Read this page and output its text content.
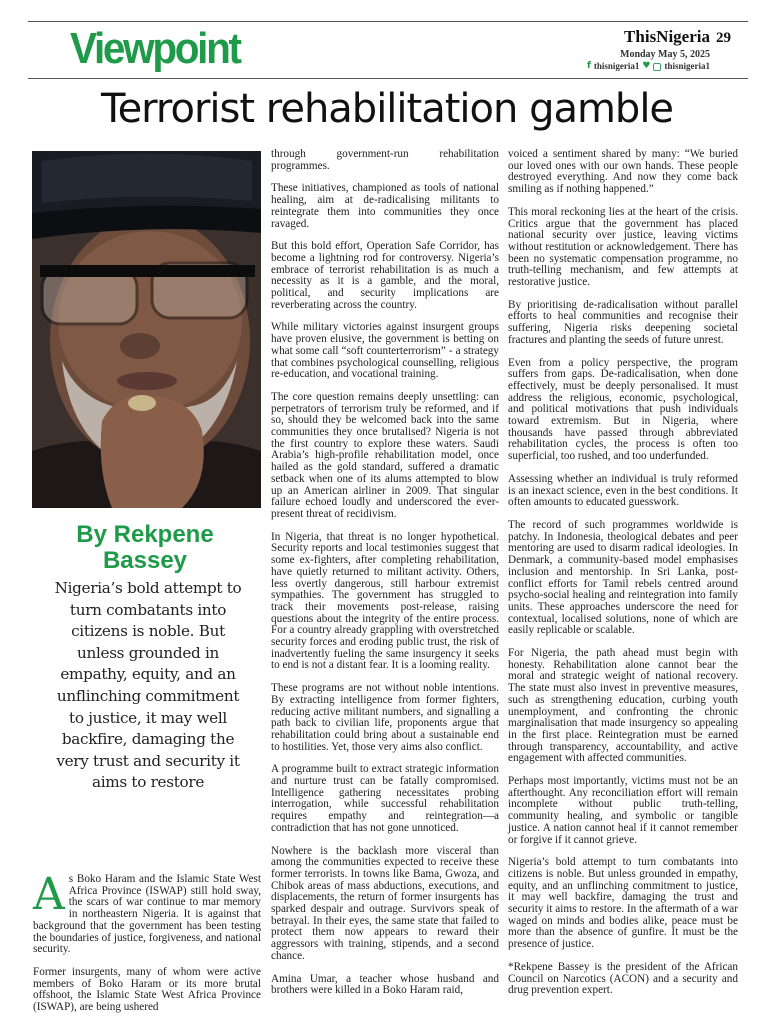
Viewpoint	ThisNigeria
Monday May 5, 2025
f thisnigeria1 ♥ thisnigeria1
29
Terrorist rehabilitation gamble
By Rekpene
Bassey
Nigeria’s bold attempt to turn combatants into citizens is noble. But unless grounded in empathy, equity, and an unflinching commitment to justice, it may well backfire, damaging the very trust and security it aims to restore

As Boko Haram and the Islamic State West Africa Province (ISWAP) still hold sway, the scars of war continue to mar memory in northeastern Nigeria. It is against that background that the government has been testing the boundaries of justice, forgiveness, and national security.

Former insurgents, many of whom were active members of Boko Haram or its more brutal offshoot, the Islamic State West Africa Province (ISWAP), are being ushered

through government-run rehabilitation programmes.

These initiatives, championed as tools of national healing, aim at de-radicalising militants to reintegrate them into communities they once ravaged.

But this bold effort, Operation Safe Corridor, has become a lightning rod for controversy. Nigeria’s embrace of terrorist rehabilitation is as much a necessity as it is a gamble, and the moral, political, and security implications are reverberating across the country.

While military victories against insurgent groups have proven elusive, the government is betting on what some call “soft counterterrorism” - a strategy that combines psychological counselling, religious re-education, and vocational training.

The core question remains deeply unsettling: can perpetrators of terrorism truly be reformed, and if so, should they be welcomed back into the same communities they once brutalised? Nigeria is not the first country to explore these waters. Saudi Arabia’s high-profile rehabilitation model, once hailed as the gold standard, suffered a dramatic setback when one of its alums attempted to blow up an American airliner in 2009. That singular failure echoed loudly and underscored the ever-present threat of recidivism.

In Nigeria, that threat is no longer hypothetical. Security reports and local testimonies suggest that some ex-fighters, after completing rehabilitation, have quietly returned to militant activity. Others, less overtly dangerous, still harbour extremist sympathies. The government has struggled to track their movements post-release, raising questions about the integrity of the entire process. For a country already grappling with overstretched security forces and eroding public trust, the risk of inadvertently fueling the same insurgency it seeks to end is not a distant fear. It is a looming reality.

These programs are not without noble intentions. By extracting intelligence from former fighters, reducing active militant numbers, and signalling a path back to civilian life, proponents argue that rehabilitation could bring about a sustainable end to hostilities. Yet, those very aims also conflict.

A programme built to extract strategic information and nurture trust can be fatally compromised. Intelligence gathering necessitates probing interrogation, while successful rehabilitation requires empathy and reintegration—a contradiction that has not gone unnoticed.

Nowhere is the backlash more visceral than among the communities expected to receive these former terrorists. In towns like Bama, Gwoza, and Chibok areas of mass abductions, executions, and displacements, the return of former insurgents has sparked despair and outrage. Survivors speak of betrayal. In their eyes, the same state that failed to protect them now appears to reward their aggressors with training, stipends, and a second chance.

Amina Umar, a teacher whose husband and brothers were killed in a Boko Haram raid,

voiced a sentiment shared by many: “We buried our loved ones with our own hands. These people destroyed everything. And now they come back smiling as if nothing happened.”

This moral reckoning lies at the heart of the crisis. Critics argue that the government has placed national security over justice, leaving victims without restitution or acknowledgement. There has been no systematic compensation programme, no truth-telling mechanism, and few attempts at restorative justice.

By prioritising de-radicalisation without parallel efforts to heal communities and recognise their suffering, Nigeria risks deepening societal fractures and planting the seeds of future unrest.

Even from a policy perspective, the program suffers from gaps. De-radicalisation, when done effectively, must be deeply personalised. It must address the religious, economic, psychological, and political motivations that push individuals toward extremism. But in Nigeria, where thousands have passed through abbreviated rehabilitation cycles, the process is often too superficial, too rushed, and too underfunded.

Assessing whether an individual is truly reformed is an inexact science, even in the best conditions. It often amounts to educated guesswork.

The record of such programmes worldwide is patchy. In Indonesia, theological debates and peer mentoring are used to disarm radical ideologies. In Denmark, a community-based model emphasises inclusion and mentorship. In Sri Lanka, post-conflict efforts for Tamil rebels centred around psycho-social healing and reintegration into family units. These approaches underscore the need for contextual, localised solutions, none of which are easily replicable or scalable.

For Nigeria, the path ahead must begin with honesty. Rehabilitation alone cannot bear the moral and strategic weight of national recovery. The state must also invest in preventive measures, such as strengthening education, curbing youth unemployment, and confronting the chronic marginalisation that made insurgency so appealing in the first place. Reintegration must be earned through transparency, accountability, and active engagement with affected communities.

Perhaps most importantly, victims must not be an afterthought. Any reconciliation effort will remain incomplete without public truth-telling, community healing, and symbolic or tangible justice. A nation cannot heal if it cannot remember or forgive if it cannot grieve.

Nigeria’s bold attempt to turn combatants into citizens is noble. But unless grounded in empathy, equity, and an unflinching commitment to justice, it may well backfire, damaging the trust and security it aims to restore. In the aftermath of a war waged on minds and bodies alike, peace must be more than the absence of gunfire. It must be the presence of justice.

*Rekpene Bassey is the president of the African Council on Narcotics (ACON) and a security and drug prevention expert.
